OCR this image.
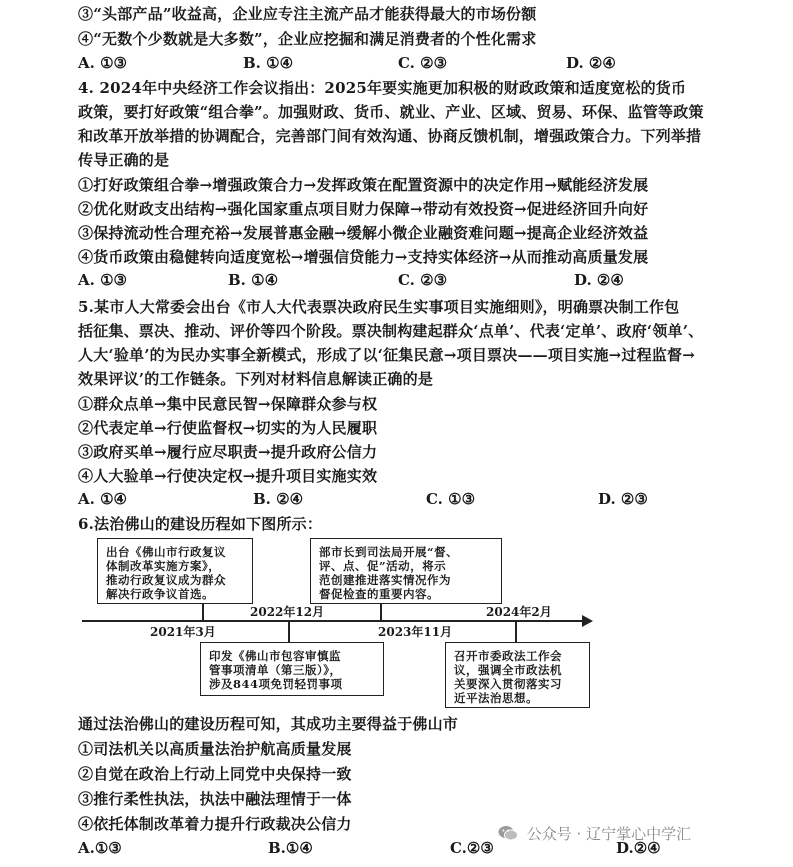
③“头部产品”收益高，企业应专注主流产品才能获得最大的市场份额
④“无数个少数就是大多数”，企业应挖掘和满足消费者的个性化需求
A. ①③	B. ①④	C. ②③	D. ②④
4. 2024年中央经济工作会议指出：2025年要实施更加积极的财政政策和适度宽松的货币
政策，要打好政策“组合拳”。加强财政、货币、就业、产业、区域、贸易、环保、监管等政策
和改革开放举措的协调配合，完善部门间有效沟通、协商反馈机制，增强政策合力。下列举措
传导正确的是
①打好政策组合拳→增强政策合力→发挥政策在配置资源中的决定作用→赋能经济发展
②优化财政支出结构→强化国家重点项目财力保障→带动有效投资→促进经济回升向好
③保持流动性合理充裕→发展普惠金融→缓解小微企业融资难问题→提高企业经济效益
④货币政策由稳健转向适度宽松→增强信贷能力→支持实体经济→从而推动高质量发展
A. ①③	B. ①④	C. ②③	D. ②④
5.某市人大常委会出台《市人大代表票决政府民生实事项目实施细则》，明确票决制工作包
括征集、票决、推动、评价等四个阶段。票决制构建起群众‘点单’、代表‘定单’、政府‘领单’、
人大‘验单’的为民办实事全新模式，形成了以‘征集民意→项目票决——项目实施→过程监督→
效果评议’的工作链条。下列对材料信息解读正确的是
①群众点单→集中民意民智→保障群众参与权
②代表定单→行使监督权→切实的为人民履职
③政府买单→履行应尽职责→提升政府公信力
④人大验单→行使决定权→提升项目实施实效
A. ①④	B. ②④	C. ①③	D. ②③
6.法治佛山的建设历程如下图所示：
出台《佛山市行政复议
体制改革实施方案》，
推动行政复议成为群众
解决行政争议首选。
部市长到司法局开展“督、
评、点、促”活动，将示
范创建推进落实情况作为
督促检查的重要内容。
印发《佛山市包容审慎监
管事项清单（第三版）》，
涉及844项免罚轻罚事项
召开市委政法工作会
议，强调全市政法机
关要深入贯彻落实习
近平法治思想。
2021年3月
2022年12月
2023年11月
2024年2月
通过法治佛山的建设历程可知，其成功主要得益于佛山市
①司法机关以高质量法治护航高质量发展
②自觉在政治上行动上同党中央保持一致
③推行柔性执法，执法中融法理情于一体
④依托体制改革着力提升行政裁决公信力
A.①③	B.①④	C.②③	D.②④
公众号 · 辽宁掌心中学汇
